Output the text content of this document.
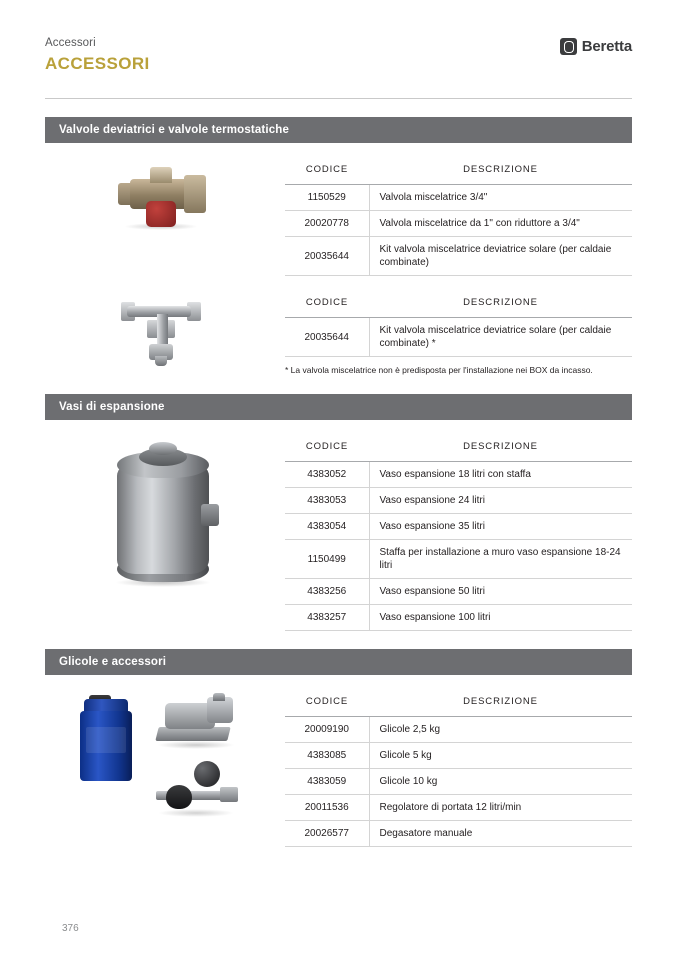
Accessori
ACCESSORI
Beretta
Valvole deviatrici e valvole termostatiche
CODICE	DESCRIZIONE
1150529	Valvola miscelatrice 3/4"
20020778	Valvola miscelatrice da 1" con riduttore a 3/4"
20035644	Kit valvola miscelatrice deviatrice solare (per caldaie combinate)
CODICE	DESCRIZIONE
20035644	Kit valvola miscelatrice deviatrice solare (per caldaie combinate) *
* La valvola miscelatrice non è predisposta per l'installazione nei BOX da incasso.
Vasi di espansione
CODICE	DESCRIZIONE
4383052	Vaso espansione 18 litri con staffa
4383053	Vaso espansione 24 litri
4383054	Vaso espansione 35 litri
1150499	Staffa per installazione a muro vaso espansione 18-24 litri
4383256	Vaso espansione 50 litri
4383257	Vaso espansione 100 litri
Glicole e accessori
CODICE	DESCRIZIONE
20009190	Glicole 2,5 kg
4383085	Glicole 5 kg
4383059	Glicole 10 kg
20011536	Regolatore di portata 12 litri/min
20026577	Degasatore manuale
376
